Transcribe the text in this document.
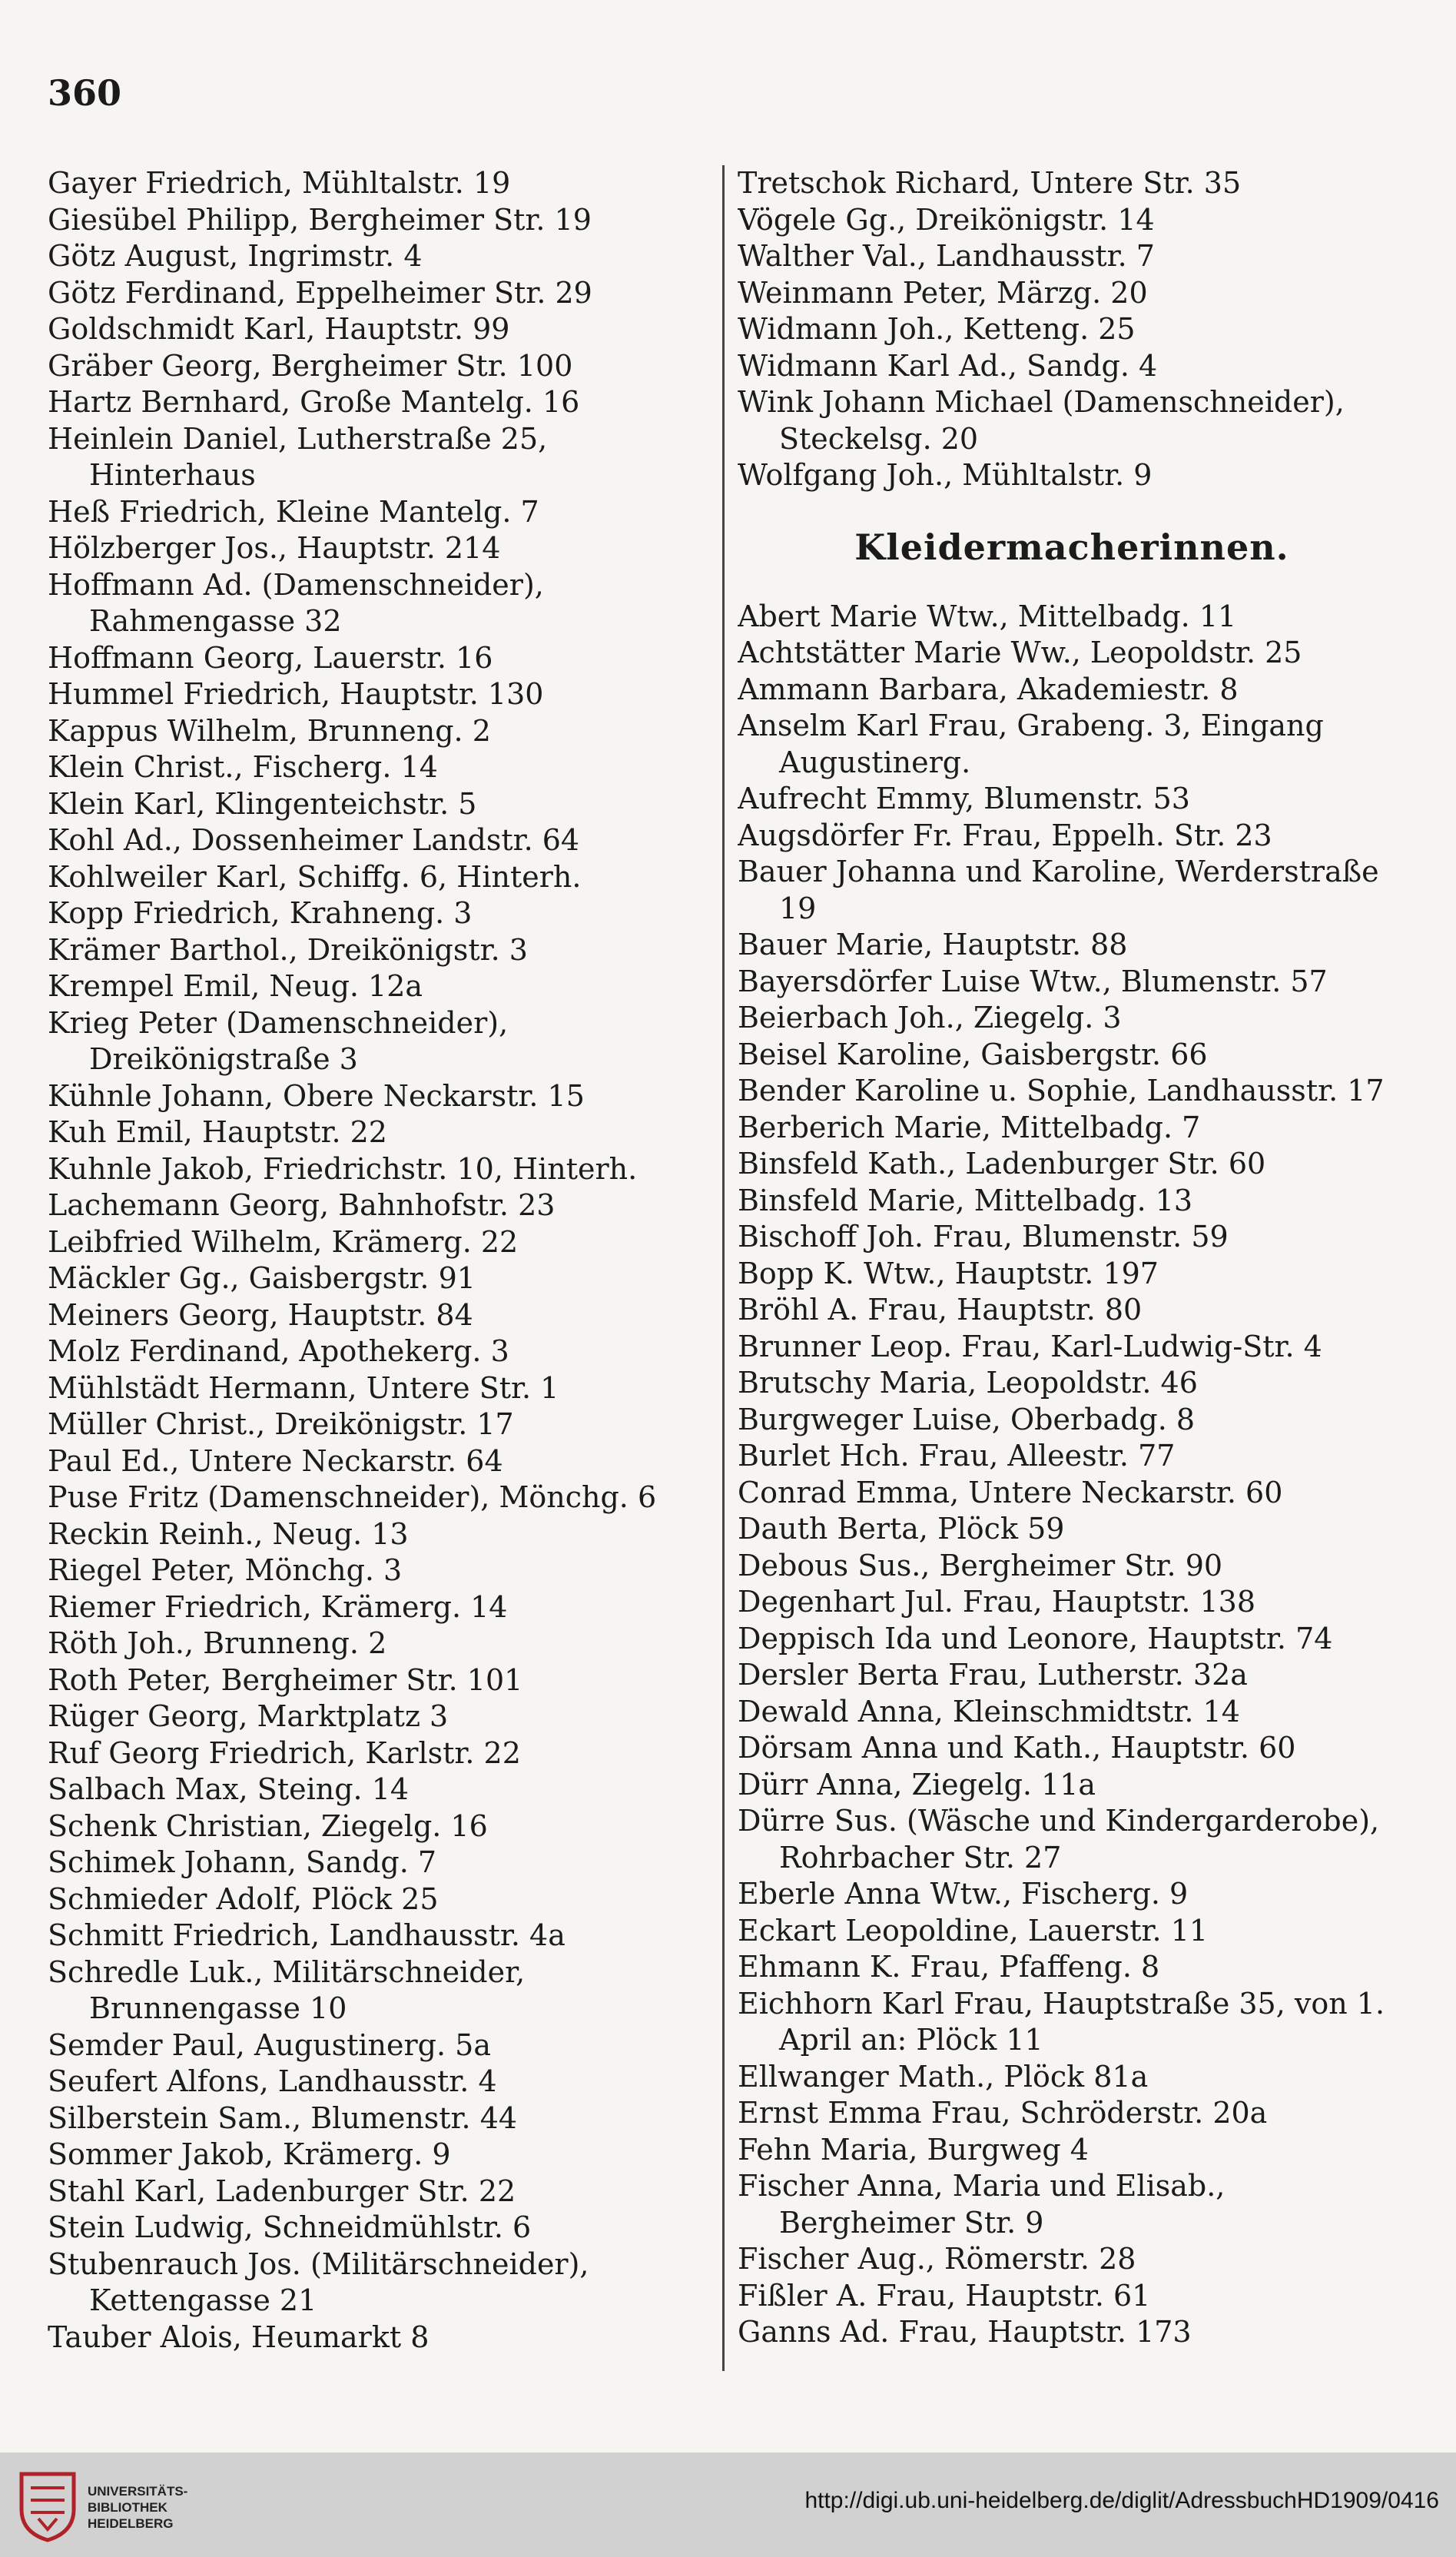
360
Gayer Friedrich, Mühltalstr. 19
Giesübel Philipp, Bergheimer Str. 19
Götz August, Ingrimstr. 4
Götz Ferdinand, Eppelheimer Str. 29
Goldschmidt Karl, Hauptstr. 99
Gräber Georg, Bergheimer Str. 100
Hartz Bernhard, Große Mantelg. 16
Heinlein Daniel, Lutherstraße 25, Hinterhaus
Heß Friedrich, Kleine Mantelg. 7
Hölzberger Jos., Hauptstr. 214
Hoffmann Ad. (Damenschneider), Rahmengasse 32
Hoffmann Georg, Lauerstr. 16
Hummel Friedrich, Hauptstr. 130
Kappus Wilhelm, Brunneng. 2
Klein Christ., Fischerg. 14
Klein Karl, Klingenteichstr. 5
Kohl Ad., Dossenheimer Landstr. 64
Kohlweiler Karl, Schiffg. 6, Hinterh.
Kopp Friedrich, Krahneng. 3
Krämer Barthol., Dreikönigstr. 3
Krempel Emil, Neug. 12a
Krieg Peter (Damenschneider), Dreikönigstraße 3
Kühnle Johann, Obere Neckarstr. 15
Kuh Emil, Hauptstr. 22
Kuhnle Jakob, Friedrichstr. 10, Hinterh.
Lachemann Georg, Bahnhofstr. 23
Leibfried Wilhelm, Krämerg. 22
Mäckler Gg., Gaisbergstr. 91
Meiners Georg, Hauptstr. 84
Molz Ferdinand, Apothekerg. 3
Mühlstädt Hermann, Untere Str. 1
Müller Christ., Dreikönigstr. 17
Paul Ed., Untere Neckarstr. 64
Puse Fritz (Damenschneider), Mönchg. 6
Reckin Reinh., Neug. 13
Riegel Peter, Mönchg. 3
Riemer Friedrich, Krämerg. 14
Röth Joh., Brunneng. 2
Roth Peter, Bergheimer Str. 101
Rüger Georg, Marktplatz 3
Ruf Georg Friedrich, Karlstr. 22
Salbach Max, Steing. 14
Schenk Christian, Ziegelg. 16
Schimek Johann, Sandg. 7
Schmieder Adolf, Plöck 25
Schmitt Friedrich, Landhausstr. 4a
Schredle Luk., Militärschneider, Brunnengasse 10
Semder Paul, Augustinerg. 5a
Seufert Alfons, Landhausstr. 4
Silberstein Sam., Blumenstr. 44
Sommer Jakob, Krämerg. 9
Stahl Karl, Ladenburger Str. 22
Stein Ludwig, Schneidmühlstr. 6
Stubenrauch Jos. (Militärschneider), Kettengasse 21
Tauber Alois, Heumarkt 8
Tretschok Richard, Untere Str. 35
Vögele Gg., Dreikönigstr. 14
Walther Val., Landhausstr. 7
Weinmann Peter, Märzg. 20
Widmann Joh., Ketteng. 25
Widmann Karl Ad., Sandg. 4
Wink Johann Michael (Damenschneider), Steckelsg. 20
Wolfgang Joh., Mühltalstr. 9
Kleidermacherinnen.
Abert Marie Wtw., Mittelbadg. 11
Achtstätter Marie Ww., Leopoldstr. 25
Ammann Barbara, Akademiestr. 8
Anselm Karl Frau, Grabeng. 3, Eingang Augustinerg.
Aufrecht Emmy, Blumenstr. 53
Augsdörfer Fr. Frau, Eppelh. Str. 23
Bauer Johanna und Karoline, Werderstraße 19
Bauer Marie, Hauptstr. 88
Bayersdörfer Luise Wtw., Blumenstr. 57
Beierbach Joh., Ziegelg. 3
Beisel Karoline, Gaisbergstr. 66
Bender Karoline u. Sophie, Landhausstr. 17
Berberich Marie, Mittelbadg. 7
Binsfeld Kath., Ladenburger Str. 60
Binsfeld Marie, Mittelbadg. 13
Bischoff Joh. Frau, Blumenstr. 59
Bopp K. Wtw., Hauptstr. 197
Bröhl A. Frau, Hauptstr. 80
Brunner Leop. Frau, Karl-Ludwig-Str. 4
Brutschy Maria, Leopoldstr. 46
Burgweger Luise, Oberbadg. 8
Burlet Hch. Frau, Alleestr. 77
Conrad Emma, Untere Neckarstr. 60
Dauth Berta, Plöck 59
Debous Sus., Bergheimer Str. 90
Degenhart Jul. Frau, Hauptstr. 138
Deppisch Ida und Leonore, Hauptstr. 74
Dersler Berta Frau, Lutherstr. 32a
Dewald Anna, Kleinschmidtstr. 14
Dörsam Anna und Kath., Hauptstr. 60
Dürr Anna, Ziegelg. 11a
Dürre Sus. (Wäsche und Kindergarderobe), Rohrbacher Str. 27
Eberle Anna Wtw., Fischerg. 9
Eckart Leopoldine, Lauerstr. 11
Ehmann K. Frau, Pfaffeng. 8
Eichhorn Karl Frau, Hauptstraße 35, von 1. April an: Plöck 11
Ellwanger Math., Plöck 81a
Ernst Emma Frau, Schröderstr. 20a
Fehn Maria, Burgweg 4
Fischer Anna, Maria und Elisab., Bergheimer Str. 9
Fischer Aug., Römerstr. 28
Fißler A. Frau, Hauptstr. 61
Ganns Ad. Frau, Hauptstr. 173
UNIVERSITÄTS-
BIBLIOTHEK
HEIDELBERG
http://digi.ub.uni-heidelberg.de/diglit/AdressbuchHD1909/0416
